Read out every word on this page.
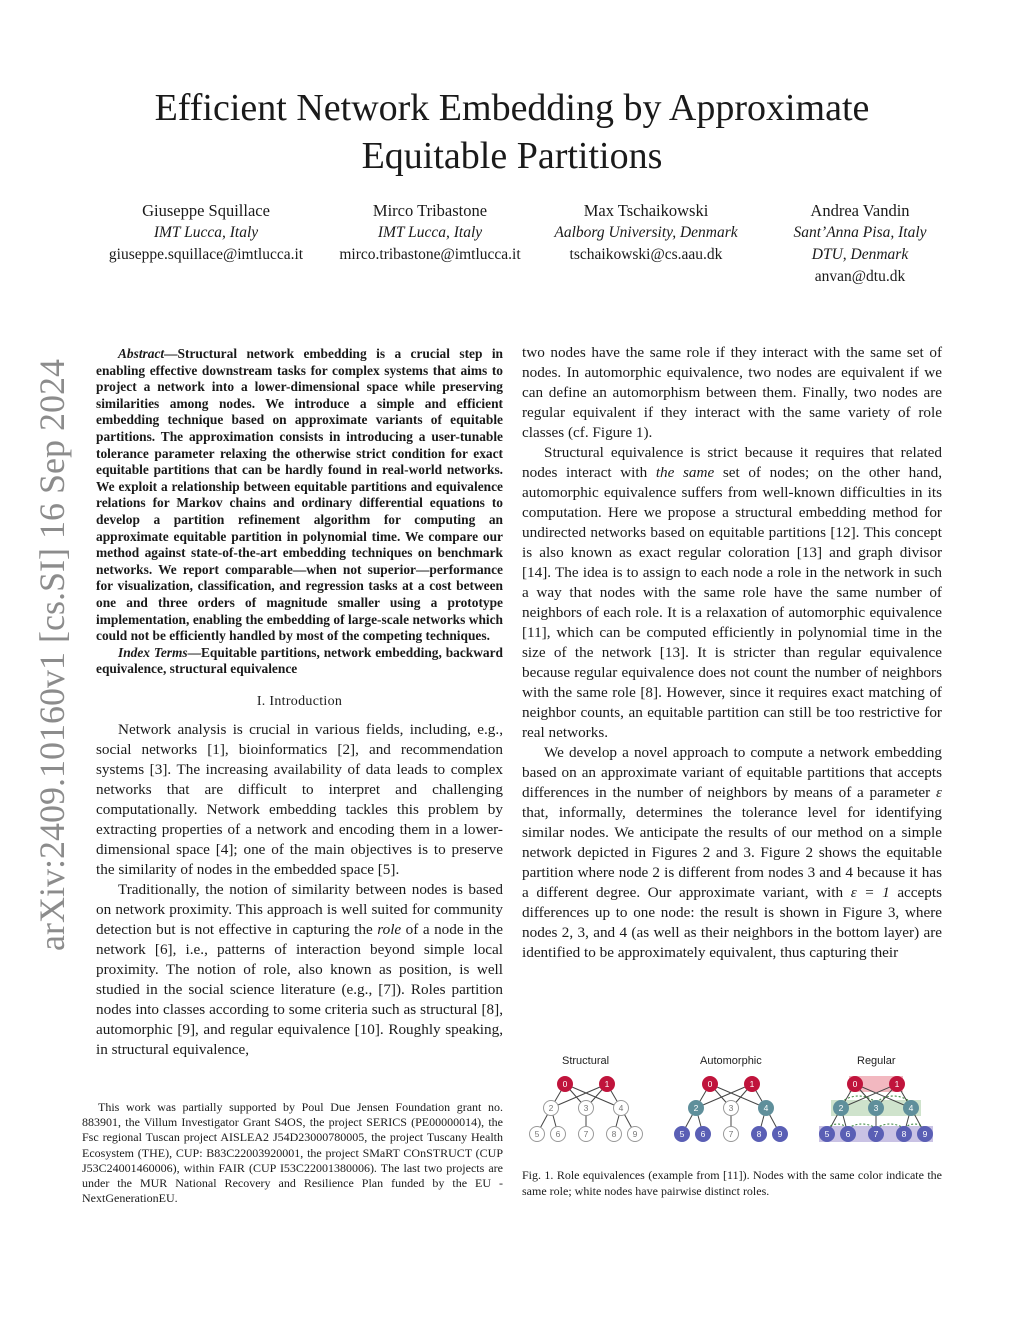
Efficient Network Embedding by Approximate
Equitable Partitions
Giuseppe Squillace
IMT Lucca, Italy
giuseppe.squillace@imtlucca.it
Mirco Tribastone
IMT Lucca, Italy
mirco.tribastone@imtlucca.it
Max Tschaikowski
Aalborg University, Denmark
tschaikowski@cs.aau.dk
Andrea Vandin
Sant’Anna Pisa, Italy
DTU, Denmark
anvan@dtu.dk
arXiv:2409.10160v1 [cs.SI] 16 Sep 2024

Abstract—Structural network embedding is a crucial step in enabling effective downstream tasks for complex systems that aims to project a network into a lower-dimensional space while preserving similarities among nodes. We introduce a simple and efficient embedding technique based on approximate variants of equitable partitions. The approximation consists in introducing a user-tunable tolerance parameter relaxing the otherwise strict condition for exact equitable partitions that can be hardly found in real-world networks. We exploit a relationship between equitable partitions and equivalence relations for Markov chains and ordinary differential equations to develop a partition refinement algorithm for computing an approximate equitable partition in polynomial time. We compare our method against state-of-the-art embedding techniques on benchmark networks. We report comparable—when not superior—performance for visualization, classification, and regression tasks at a cost between one and three orders of magnitude smaller using a prototype implementation, enabling the embedding of large-scale networks which could not be efficiently handled by most of the competing techniques.

Index Terms—Equitable partitions, network embedding, backward equivalence, structural equivalence

I. Introduction

Network analysis is crucial in various fields, including, e.g., social networks [1], bioinformatics [2], and recommendation systems [3]. The increasing availability of data leads to complex networks that are difficult to interpret and challenging computationally. Network embedding tackles this problem by extracting properties of a network and encoding them in a lower-dimensional space [4]; one of the main objectives is to preserve the similarity of nodes in the embedded space [5].

Traditionally, the notion of similarity between nodes is based on network proximity. This approach is well suited for community detection but is not effective in capturing the role of a node in the network [6], i.e., patterns of interaction beyond simple local proximity. The notion of role, also known as position, is well studied in the social science literature (e.g., [7]). Roles partition nodes into classes according to some criteria such as structural [8], automorphic [9], and regular equivalence [10]. Roughly speaking, in structural equivalence,

This work was partially supported by Poul Due Jensen Foundation grant no. 883901, the Villum Investigator Grant S4OS, the project SERICS (PE00000014), the Fsc regional Tuscan project AISLEA2 J54D23000780005, the project Tuscany Health Ecosystem (THE), CUP: B83C22003920001, the project SMaRT COnSTRUCT (CUP J53C24001460006), within FAIR (CUP I53C22001380006). The last two projects are under the MUR National Recovery and Resilience Plan funded by the EU - NextGenerationEU.

two nodes have the same role if they interact with the same set of nodes. In automorphic equivalence, two nodes are equivalent if we can define an automorphism between them. Finally, two nodes are regular equivalent if they interact with the same variety of role classes (cf. Figure 1).

Structural equivalence is strict because it requires that related nodes interact with the same set of nodes; on the other hand, automorphic equivalence suffers from well-known difficulties in its computation. Here we propose a structural embedding method for undirected networks based on equitable partitions [12]. This concept is also known as exact regular coloration [13] and graph divisor [14]. The idea is to assign to each node a role in the network in such a way that nodes with the same role have the same number of neighbors of each role. It is a relaxation of automorphic equivalence [11], which can be computed efficiently in polynomial time in the size of the network [13]. It is stricter than regular equivalence because regular equivalence does not count the number of neighbors with the same role [8]. However, since it requires exact matching of neighbor counts, an equitable partition can still be too restrictive for real networks.

We develop a novel approach to compute a network embedding based on an approximate variant of equitable partitions that accepts differences in the number of neighbors by means of a parameter ε that, informally, determines the tolerance level for identifying similar nodes. We anticipate the results of our method on a simple network depicted in Figures 2 and 3. Figure 2 shows the equitable partition where node 2 is different from nodes 3 and 4 because it has a different degree. Our approximate variant, with ε = 1 accepts differences up to one node: the result is shown in Figure 3, where nodes 2, 3, and 4 (as well as their neighbors in the bottom layer) are identified to be approximately equivalent, thus capturing their

Structural	Automorphic	Regular
0	1
2	3	4
5 6	7	8 9
0	1
2	3	4
5 6	7	8 9
0	1
2	3	4
5 6	7	8 9

Fig. 1. Role equivalences (example from [11]). Nodes with the same color indicate the same role; white nodes have pairwise distinct roles.
